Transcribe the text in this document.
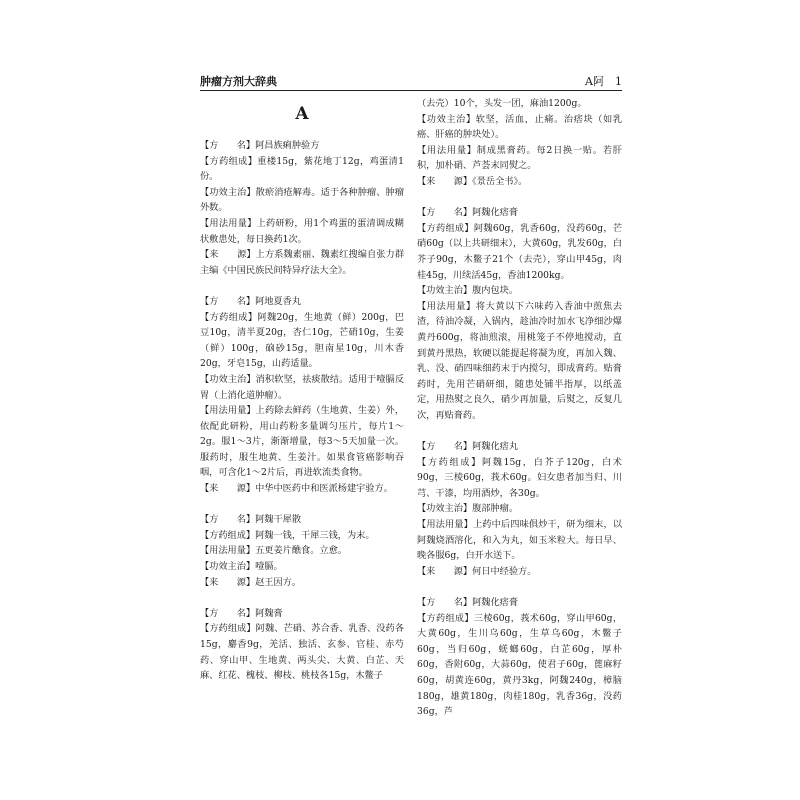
肿瘤方剂大辞典	A阿　1
A
【方　　名】阿昌族痢肿验方
【方药组成】重楼15g，紫花地丁12g，鸡蛋清1份。
【功效主治】散瘀消疮解毒。适于各种肿瘤、肿瘤外数。
【用法用量】上药研粉，用1个鸡蛋的蛋清调成糊状敷患处，每日换药1次。
【来　　源】上方系魏素丽、魏素红搜编自张力群主编《中国民族民间特异疗法大全》。
【方　　名】阿地夏香丸
【方药组成】阿魏20g，生地黄（鲜）200g，巴豆10g，清半夏20g，杏仁10g，芒硝10g，生姜（鲜）100g，硇砂15g，胆南星10g，川木香20g，牙皂15g，山药适量。
【功效主治】消积软坚，祛痰散结。适用于噎膈反胃（上消化道肿瘤）。
【用法用量】上药除去鲜药（生地黄、生姜）外，依配此研粉，用山药粉多量调匀压片，每片1～2g。服1～3片，渐渐增量，每3～5天加量一次。服药时，服生地黄、生姜汁。如果食管癌影响吞咽，可含化1～2片后，再进软流类食物。
【来　　源】中华中医药中和医派杨建宇验方。
【方　　名】阿魏干犀散
【方药组成】阿魏一钱，干犀三钱，为末。
【用法用量】五更姜片醮食。立愈。
【功效主治】噎膈。
【来　　源】赵王因方。
【方　　名】阿魏膏
【方药组成】阿魏、芒硝、苏合香、乳香、没药各15g，麝香9g，羌活、独活、玄参、官桂、赤芍药、穿山甲、生地黄、两头尖、大黄、白芷、天麻、红花、槐枝、柳枝、桃枝各15g，木鳖子
（去壳）10个，头发一团，麻油1200g。
【功效主治】软坚，活血，止痛。治痞块（如乳癌、肝癌的肿块处）。
【用法用量】制成黑膏药。每2日换一贴。若肝积，加朴硝、芦荟末同熨之。
【来　　源】《景岳全书》。
【方　　名】阿魏化痞膏
【方药组成】阿魏60g，乳香60g，没药60g，芒硝60g（以上共研细末），大黄60g，乳发60g，白芥子90g，木鳖子21个（去壳），穿山甲45g，肉桂45g，川续活45g，香油1200kg。
【功效主治】腹内包块。
【用法用量】将大黄以下六味药入香油中煎焦去渣，待油冷凝，入锅内，趁油冷时加水飞净细沙爆黄丹600g，将油煎滚，用桃笼子不停地搅动，直到黄丹黑热，软硬以能提起将凝为度，再加入魏、乳、没、硝四味细药末于内搅匀，即成膏药。贴膏药时，先用芒硝研细，随患处铺半指厚，以纸盖定，用热熨之良久，硝少再加量，后熨之，反复几次，再贴膏药。
【方　　名】阿魏化痞丸
【方药组成】阿魏15g，白芥子120g，白术90g，三棱60g，莪术60g。妇女患者加当归、川芎、干漆，均用酒炒，各30g。
【功效主治】腹部肿瘤。
【用法用量】上药中后四味俱炒干，研为细末，以阿魏烧酒溶化，和入为丸，如玉米粒大。每日早、晚各服6g，白开水送下。
【来　　源】何日中经验方。
【方　　名】阿魏化痞膏
【方药组成】三棱60g，莪术60g，穿山甲60g，大黄60g，生川乌60g，生草乌60g，木鳖子60g，当归60g，蜣螂60g，白芷60g，厚朴60g，香附60g，大蒜60g，使君子60g，蓖麻籽60g，胡黄连60g，黄丹3kg，阿魏240g，樟脑180g，雄黄180g，肉桂180g，乳香36g，没药36g，芦
